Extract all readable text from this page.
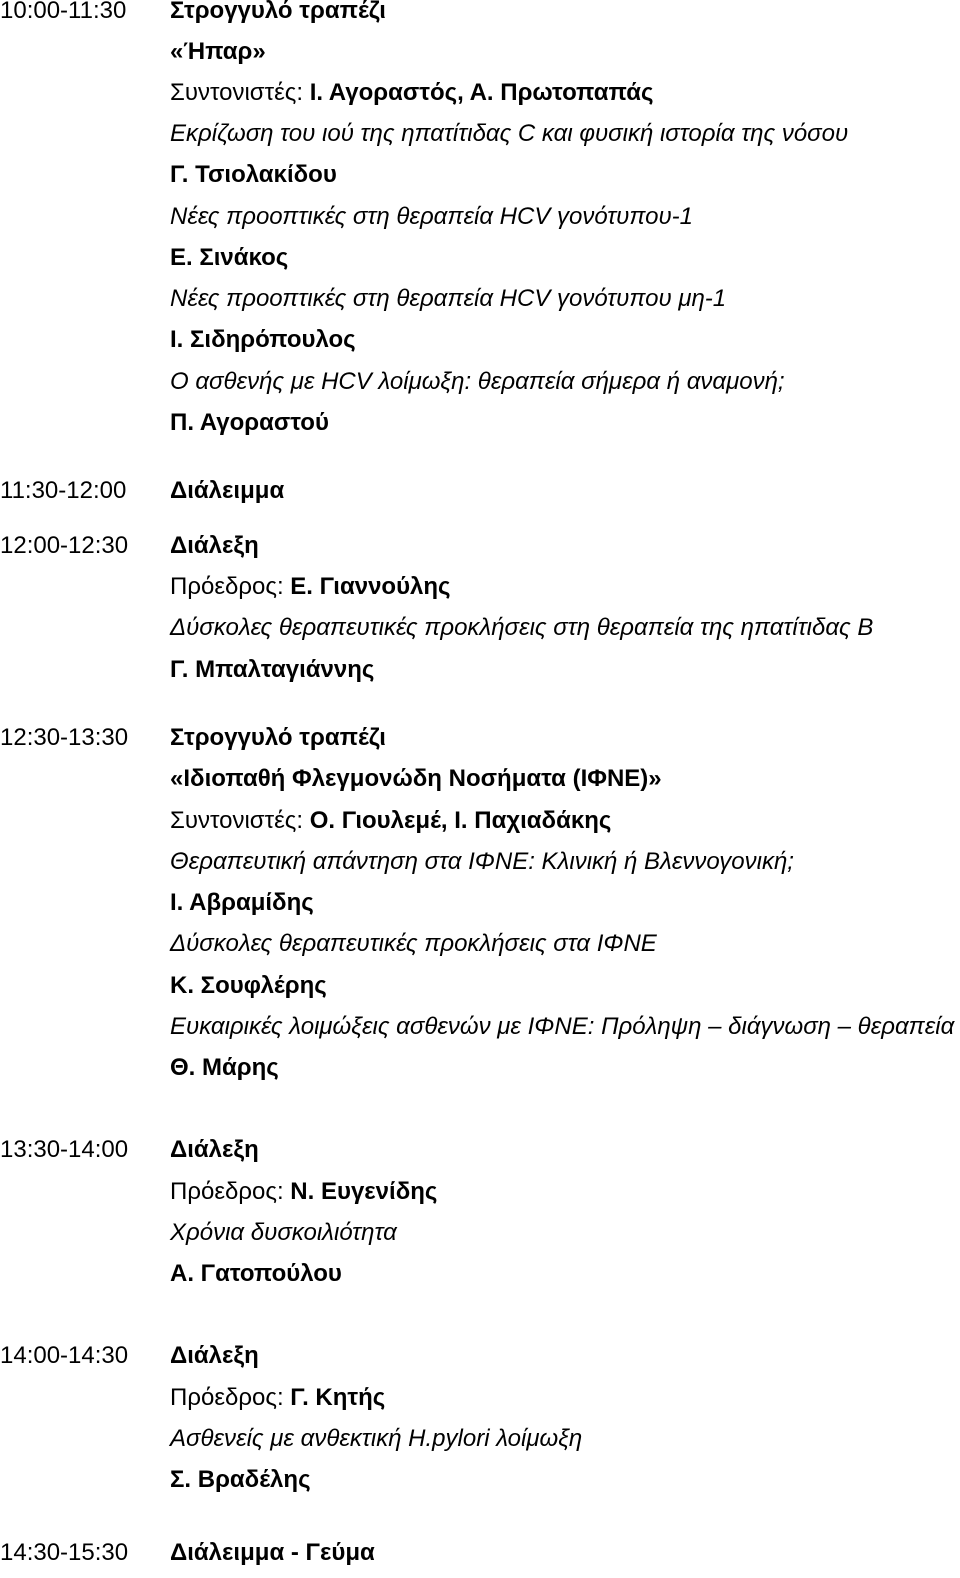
10:00-11:30 Στρογγυλό τραπέζι
«Ήπαρ»
Συντονιστές: Ι. Αγοραστός, Α. Πρωτοπαπάς
Εκρίζωση του ιού της ηπατίτιδας C και φυσική ιστορία της νόσου
Γ. Τσιολακίδου
Νέες προοπτικές στη θεραπεία HCV γονότυπου-1
Ε. Σινάκος
Νέες προοπτικές στη θεραπεία HCV γονότυπου μη-1
Ι. Σιδηρόπουλος
Ο ασθενής με HCV λοίμωξη: θεραπεία σήμερα ή αναμονή;
Π. Αγοραστού
11:30-12:00 Διάλειμμα
12:00-12:30 Διάλεξη
Πρόεδρος: Ε. Γιαννούλης
Δύσκολες θεραπευτικές προκλήσεις στη θεραπεία της ηπατίτιδας Β
Γ. Μπαλταγιάννης
12:30-13:30 Στρογγυλό τραπέζι
«Ιδιοπαθή Φλεγμονώδη Νοσήματα (ΙΦΝΕ)»
Συντονιστές: Ο. Γιουλεμέ, Ι. Παχιαδάκης
Θεραπευτική απάντηση στα ΙΦΝΕ: Κλινική ή Βλεννογονική;
Ι. Αβραμίδης
Δύσκολες θεραπευτικές προκλήσεις στα ΙΦΝΕ
Κ. Σουφλέρης
Ευκαιρικές λοιμώξεις ασθενών με ΙΦΝΕ: Πρόληψη – διάγνωση – θεραπεία
Θ. Μάρης
13:30-14:00 Διάλεξη
Πρόεδρος: Ν. Ευγενίδης
Χρόνια δυσκοιλιότητα
Α. Γατοπούλου
14:00-14:30 Διάλεξη
Πρόεδρος: Γ. Κητής
Ασθενείς με ανθεκτική H.pylori λοίμωξη
Σ. Βραδέλης
14:30-15:30 Διάλειμμα - Γεύμα
